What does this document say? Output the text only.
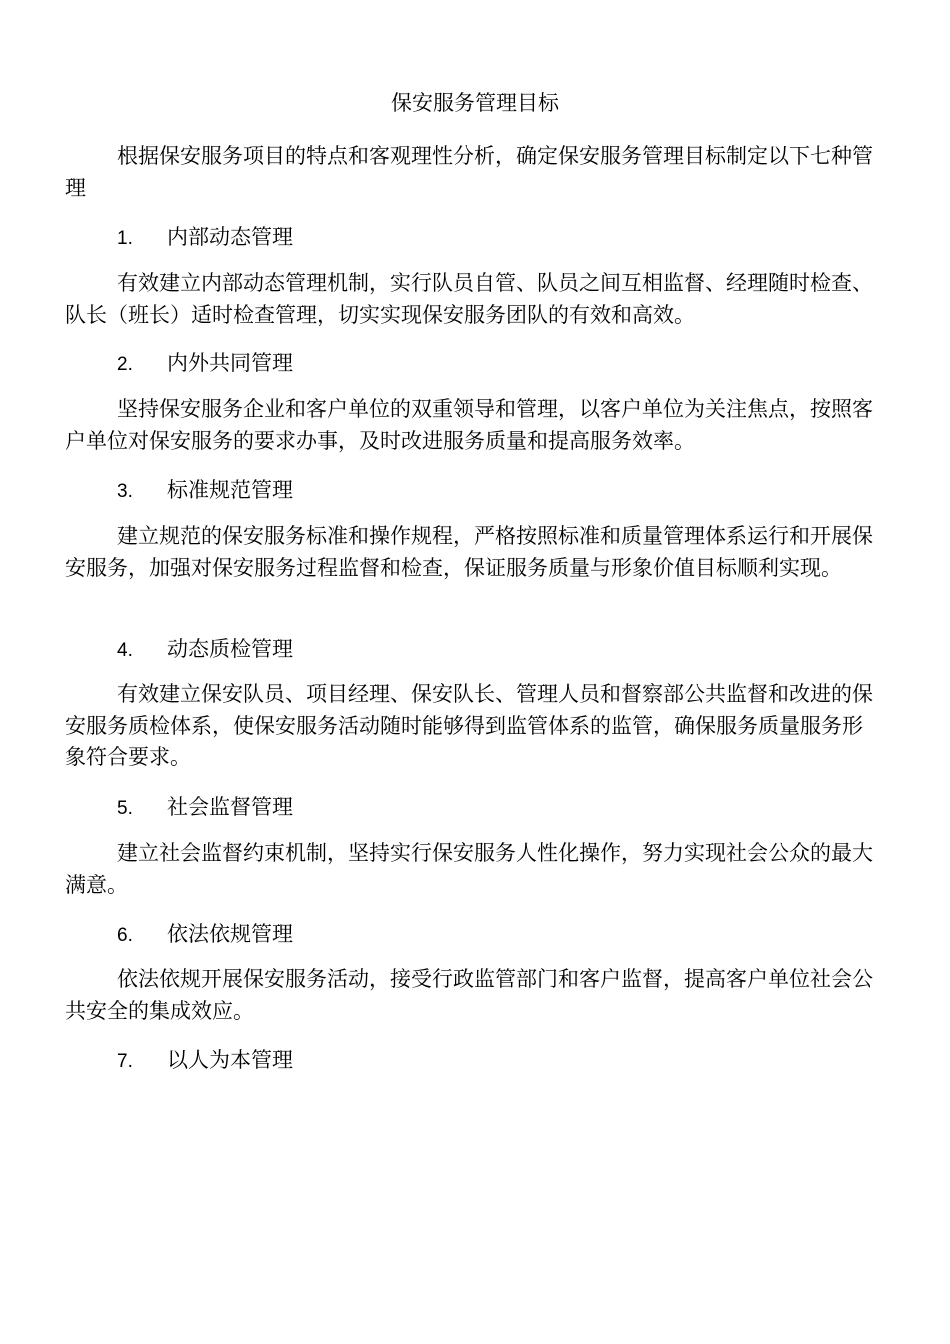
保安服务管理目标

根据保安服务项目的特点和客观理性分析，确定保安服务管理目标制定以下七种管理

1. 内部动态管理

有效建立内部动态管理机制，实行队员自管、队员之间互相监督、经理随时检查、队长（班长）适时检查管理，切实实现保安服务团队的有效和高效。

2. 内外共同管理

坚持保安服务企业和客户单位的双重领导和管理，以客户单位为关注焦点，按照客户单位对保安服务的要求办事，及时改进服务质量和提高服务效率。

3. 标准规范管理

建立规范的保安服务标准和操作规程，严格按照标准和质量管理体系运行和开展保安服务，加强对保安服务过程监督和检查，保证服务质量与形象价值目标顺利实现。

4. 动态质检管理

有效建立保安队员、项目经理、保安队长、管理人员和督察部公共监督和改进的保安服务质检体系，使保安服务活动随时能够得到监管体系的监管，确保服务质量服务形象符合要求。

5. 社会监督管理

建立社会监督约束机制，坚持实行保安服务人性化操作，努力实现社会公众的最大满意。

6. 依法依规管理

依法依规开展保安服务活动，接受行政监管部门和客户监督，提高客户单位社会公共安全的集成效应。

7. 以人为本管理
